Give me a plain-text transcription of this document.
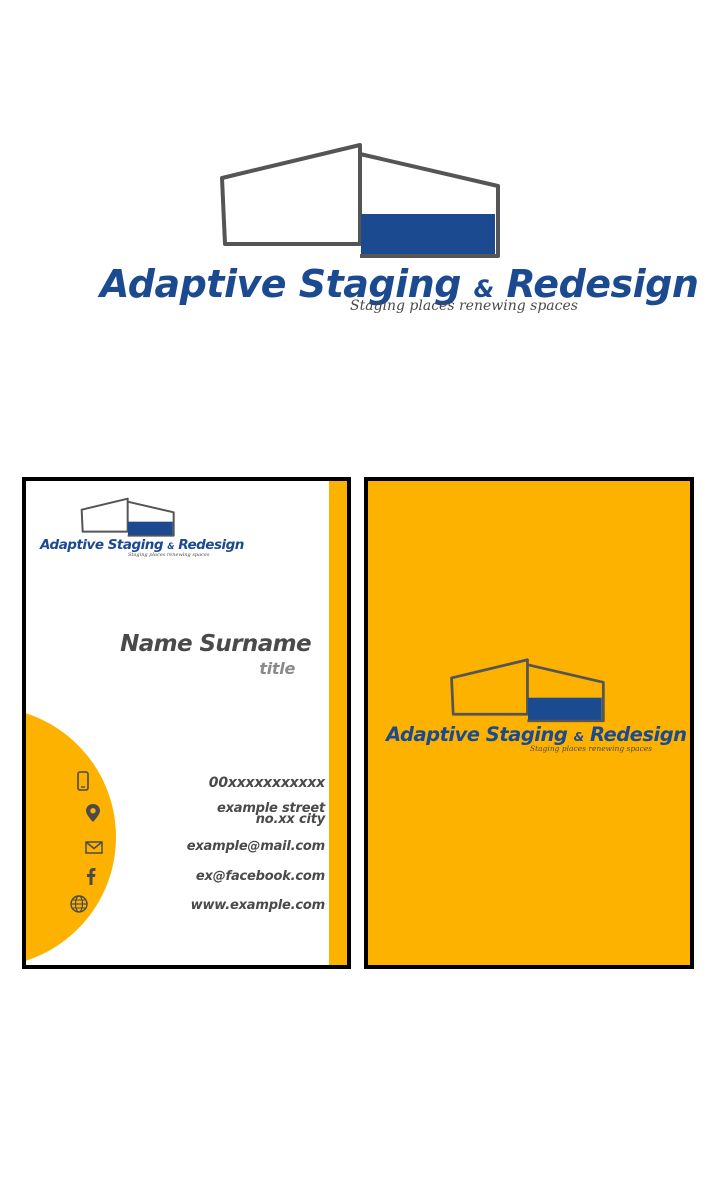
Adaptive Staging & Redesign
Staging places renewing spaces
Adaptive Staging & Redesign
Staging places renewing spaces
Name Surname
title
00xxxxxxxxxxx
example street
no.xx city
example@mail.com
ex@facebook.com
www.example.com
Adaptive Staging & Redesign
Staging places renewing spaces
